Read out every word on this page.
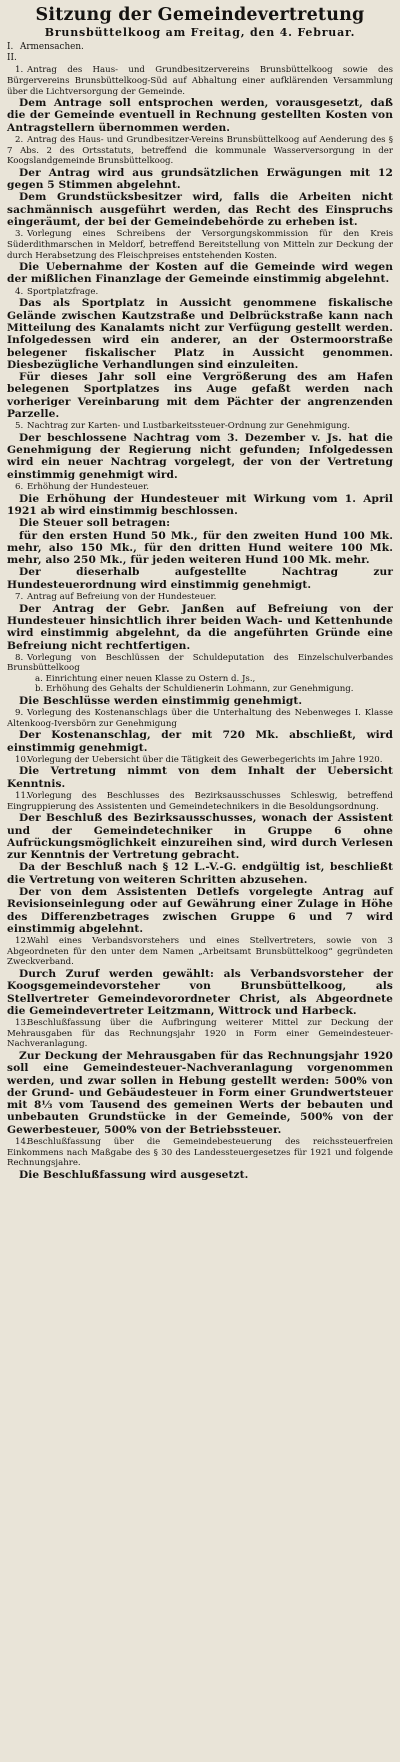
Sitzung der Gemeindevertretung
Brunsbüttelkoog am Freitag, den 4. Februar.
I. Armensachen.
II.

1. Antrag des Haus- und Grundbesitzervereins Brunsbüttelkoog sowie des Bürgervereins Brunsbüttelkoog-Süd auf Abhaltung einer aufklärenden Versammlung über die Lichtversorgung der Gemeinde.

Dem Antrage soll entsprochen werden, vorausgesetzt, daß die der Gemeinde eventuell in Rechnung gestellten Kosten von Antragstellern übernommen werden.

2. Antrag des Haus- und Grundbesitzer-Vereins Brunsbüttelkoog auf Aenderung des § 7 Abs. 2 des Ortsstatuts, betreffend die kommunale Wasserversorgung in der Koogslandgemeinde Brunsbüttelkoog.

Der Antrag wird aus grundsätzlichen Erwägungen mit 12 gegen 5 Stimmen abgelehnt.

Dem Grundstücksbesitzer wird, falls die Arbeiten nicht sachmännisch ausgeführt werden, das Recht des Einspruchs eingeräumt, der bei der Gemeindebehörde zu erheben ist.

3. Vorlegung eines Schreibens der Versorgungskommission für den Kreis Süderdithmarschen in Meldorf, betreffend Bereitstellung von Mitteln zur Deckung der durch Herabsetzung des Fleischpreises entstehenden Kosten.

Die Uebernahme der Kosten auf die Gemeinde wird wegen der mißlichen Finanzlage der Gemeinde einstimmig abgelehnt.

4. Sportplatzfrage.

Das als Sportplatz in Aussicht genommene fiskalische Gelände zwischen Kautzstraße und Delbrückstraße kann nach Mitteilung des Kanalamts nicht zur Verfügung gestellt werden. Infolgedessen wird ein anderer, an der Ostermoorstraße belegener fiskalischer Platz in Aussicht genommen. Diesbezügliche Verhandlungen sind einzuleiten.

Für dieses Jahr soll eine Vergrößerung des am Hafen belegenen Sportplatzes ins Auge gefaßt werden nach vorheriger Vereinbarung mit dem Pächter der angrenzenden Parzelle.

5. Nachtrag zur Karten- und Lustbarkeitssteuer-Ordnung zur Genehmigung.

Der beschlossene Nachtrag vom 3. Dezember v. Js. hat die Genehmigung der Regierung nicht gefunden; Infolgedessen wird ein neuer Nachtrag vorgelegt, der von der Vertretung einstimmig genehmigt wird.

6. Erhöhung der Hundesteuer.

Die Erhöhung der Hundesteuer mit Wirkung vom 1. April 1921 ab wird einstimmig beschlossen.

Die Steuer soll betragen:

für den ersten Hund 50 Mk., für den zweiten Hund 100 Mk. mehr, also 150 Mk., für den dritten Hund weitere 100 Mk. mehr, also 250 Mk., für jeden weiteren Hund 100 Mk. mehr.

Der dieserhalb aufgestellte Nachtrag zur Hundesteuerordnung wird einstimmig genehmigt.

7. Antrag auf Befreiung von der Hundesteuer.

Der Antrag der Gebr. Janßen auf Befreiung von der Hundesteuer hinsichtlich ihrer beiden Wach- und Kettenhunde wird einstimmig abgelehnt, da die angeführten Gründe eine Befreiung nicht rechtfertigen.

8. Vorlegung von Beschlüssen der Schuldeputation des Einzelschulverbandes Brunsbüttelkoog

a. Einrichtung einer neuen Klasse zu Ostern d. Js.,
b. Erhöhung des Gehalts der Schuldienerin Lohmann, zur Genehmigung.

Die Beschlüsse werden einstimmig genehmigt.

9. Vorlegung des Kostenanschlags über die Unterhaltung des Nebenweges I. Klasse Altenkoog-Iversbörn zur Genehmigung

Der Kostenanschlag, der mit 720 Mk. abschließt, wird einstimmig genehmigt.

10.Vorlegung der Uebersicht über die Tätigkeit des Gewerbegerichts im Jahre 1920.

Die Vertretung nimmt von dem Inhalt der Uebersicht Kenntnis.

11.Vorlegung des Beschlusses des Bezirksausschusses Schleswig, betreffend Eingruppierung des Assistenten und Gemeindetechnikers in die Besoldungsordnung.

Der Beschluß des Bezirksausschusses, wonach der Assistent und der Gemeindetechniker in Gruppe 6 ohne Aufrückungsmöglichkeit einzureihen sind, wird durch Verlesen zur Kenntnis der Vertretung gebracht.

Da der Beschluß nach § 12 L.-V.-G. endgültig ist, beschließt die Vertretung von weiteren Schritten abzusehen.

Der von dem Assistenten Detlefs vorgelegte Antrag auf Revisionseinlegung oder auf Gewährung einer Zulage in Höhe des Differenzbetrages zwischen Gruppe 6 und 7 wird einstimmig abgelehnt.

12.Wahl eines Verbandsvorstehers und eines Stellvertreters, sowie von 3 Abgeordneten für den unter dem Namen „Arbeitsamt Brunsbüttelkoog“ gegründeten Zweckverband.

Durch Zuruf werden gewählt: als Verbandsvorsteher der Koogsgemeindevorsteher von Brunsbüttelkoog, als Stellvertreter Gemeindevorordneter Christ, als Abgeordnete die Gemeindevertreter Leitzmann, Wittrock und Harbeck.

13.Beschlußfassung über die Aufbringung weiterer Mittel zur Deckung der Mehrausgaben für das Rechnungsjahr 1920 in Form einer Gemeindesteuer-Nachveranlagung.

Zur Deckung der Mehrausgaben für das Rechnungsjahr 1920 soll eine Gemeindesteuer-Nachveranlagung vorgenommen werden, und zwar sollen in Hebung gestellt werden: 500% von der Grund- und Gebäudesteuer in Form einer Grundwertsteuer mit 8⅓ vom Tausend des gemeinen Werts der bebauten und unbebauten Grundstücke in der Gemeinde, 500% von der Gewerbesteuer, 500% von der Betriebssteuer.

14.Beschlußfassung über die Gemeindebesteuerung des reichssteuerfreien Einkommens nach Maßgabe des § 30 des Landessteuergesetzes für 1921 und folgende Rechnungsjahre.

Die Beschlußfassung wird ausgesetzt.
